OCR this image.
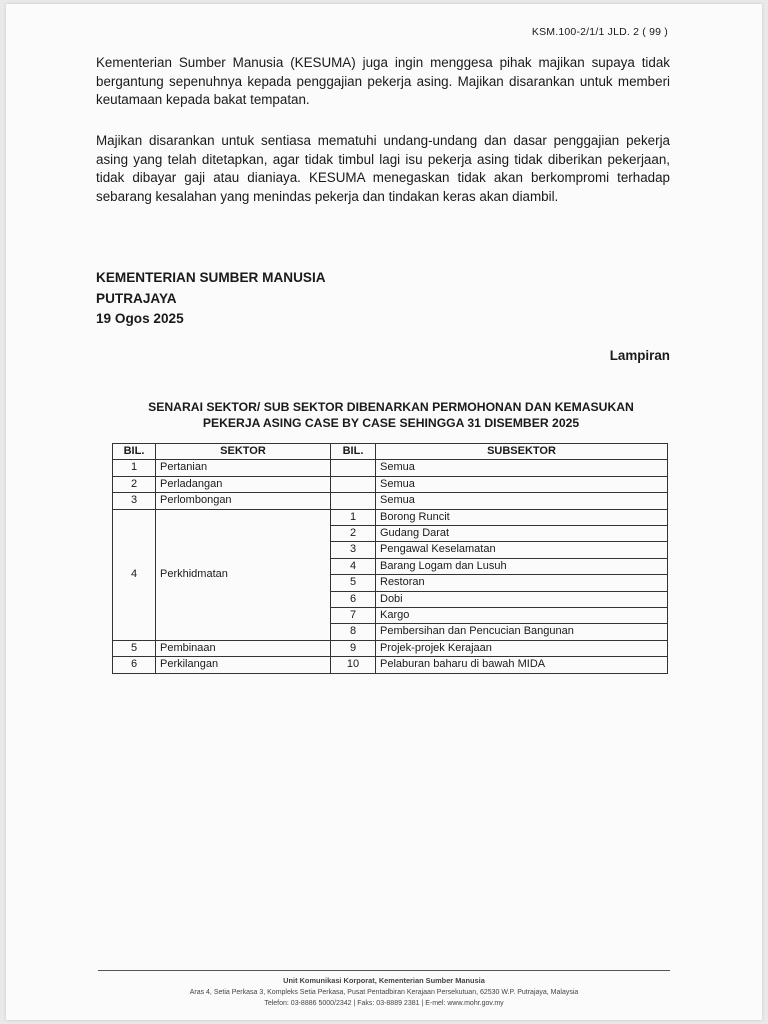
KSM.100-2/1/1 JLD. 2 ( 99 )

Kementerian Sumber Manusia (KESUMA) juga ingin menggesa pihak majikan supaya tidak bergantung sepenuhnya kepada penggajian pekerja asing. Majikan disarankan untuk memberi keutamaan kepada bakat tempatan.

Majikan disarankan untuk sentiasa mematuhi undang-undang dan dasar penggajian pekerja asing yang telah ditetapkan, agar tidak timbul lagi isu pekerja asing tidak diberikan pekerjaan, tidak dibayar gaji atau dianiaya. KESUMA menegaskan tidak akan berkompromi terhadap sebarang kesalahan yang menindas pekerja dan tindakan keras akan diambil.

KEMENTERIAN SUMBER MANUSIA
PUTRAJAYA
19 Ogos 2025
Lampiran
SENARAI SEKTOR/ SUB SEKTOR DIBENARKAN PERMOHONAN DAN KEMASUKAN
PEKERJA ASING CASE BY CASE SEHINGGA 31 DISEMBER 2025
BIL.	SEKTOR	BIL.	SUBSEKTOR
1	Pertanian		Semua
2	Perladangan		Semua
3	Perlombongan		Semua
4	Perkhidmatan	1	Borong Runcit
		2	Gudang Darat
		3	Pengawal Keselamatan
		4	Barang Logam dan Lusuh
		5	Restoran
		6	Dobi
		7	Kargo
		8	Pembersihan dan Pencucian Bangunan
5	Pembinaan	9	Projek-projek Kerajaan
6	Perkilangan	10	Pelaburan baharu di bawah MIDA
Unit Komunikasi Korporat, Kementerian Sumber Manusia
Aras 4, Setia Perkasa 3, Kompleks Setia Perkasa, Pusat Pentadbiran Kerajaan Persekutuan, 62530 W.P. Putrajaya, Malaysia
Telefon: 03-8886 5000/2342 | Faks: 03-8889 2381 | E-mel: www.mohr.gov.my
